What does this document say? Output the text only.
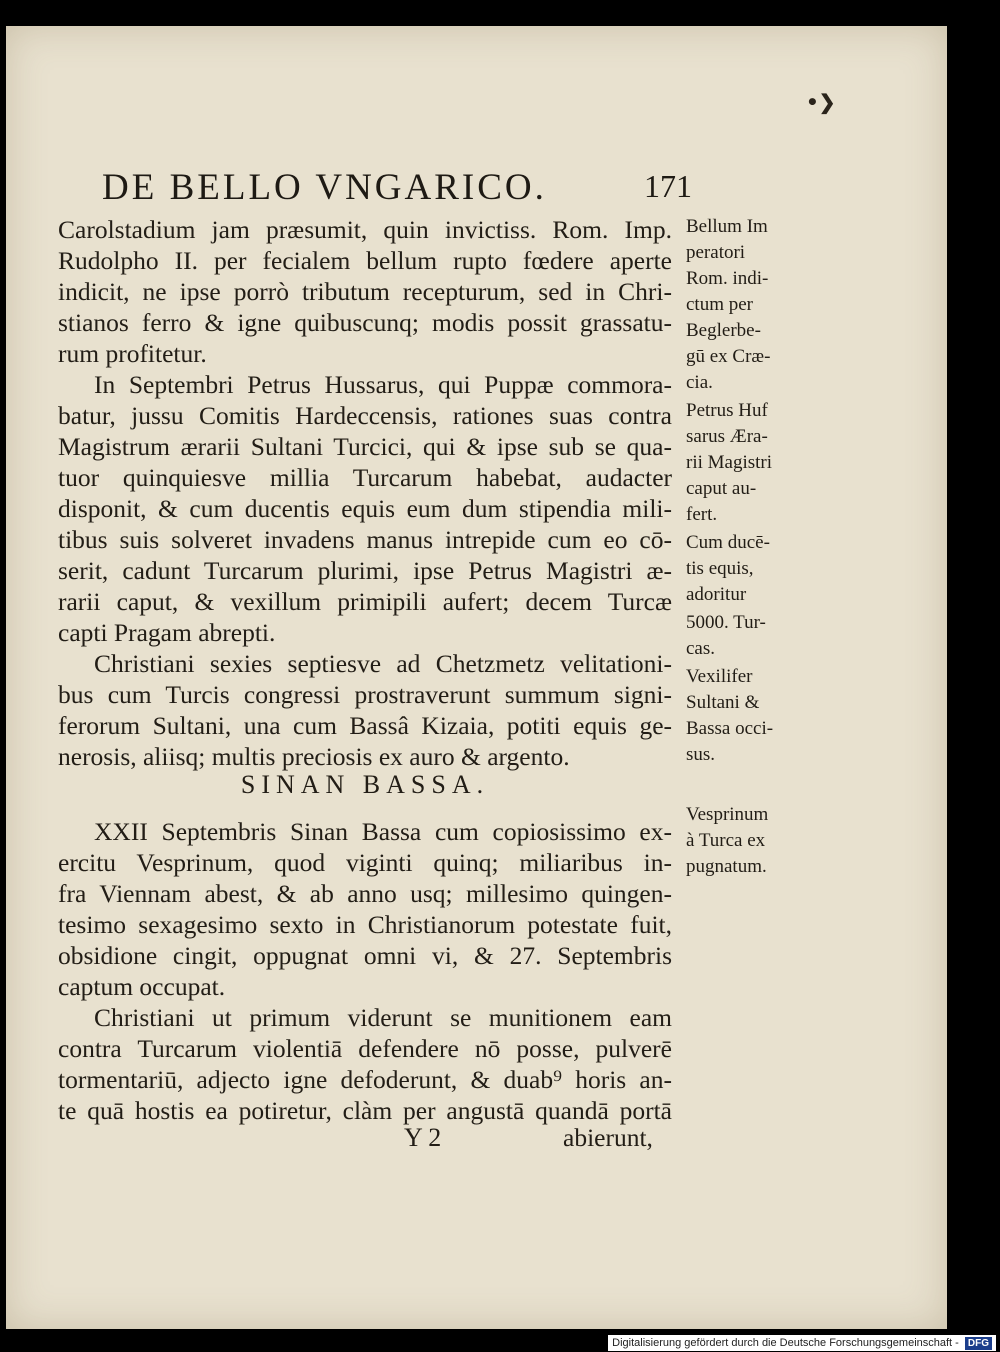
•❯
DE BELLO VNGARICO.	171
Carolstadium jam præsumit, quin invictiss. Rom. Imp.
Rudolpho II. per fecialem bellum rupto fœdere aperte
indicit, ne ipse porrò tributum recepturum, sed in Chri-
stianos ferro & igne quibuscunq; modis possit grassatu-
rum profitetur.
In Septembri Petrus Hussarus, qui Puppæ commora-
batur, jussu Comitis Hardeccensis, rationes suas contra
Magistrum ærarii Sultani Turcici, qui & ipse sub se qua-
tuor quinquiesve millia Turcarum habebat, audacter
disponit, & cum ducentis equis eum dum stipendia mili-
tibus suis solveret invadens manus intrepide cum eo cō-
serit, cadunt Turcarum plurimi, ipse Petrus Magistri æ-
rarii caput, & vexillum primipili aufert; decem Turcæ
capti Pragam abrepti.
Christiani sexies septiesve ad Chetzmetz velitationi-
bus cum Turcis congressi prostraverunt summum signi-
ferorum Sultani, una cum Bassâ Kizaia, potiti equis ge-
nerosis, aliisq; multis preciosis ex auro & argento.
SINAN BASSA.
XXII Septembris Sinan Bassa cum copiosissimo ex-
ercitu Vesprinum, quod viginti quinq; miliaribus in-
fra Viennam abest, & ab anno usq; millesimo quingen-
tesimo sexagesimo sexto in Christianorum potestate fuit,
obsidione cingit, oppugnat omni vi, & 27. Septembris
captum occupat.
Christiani ut primum viderunt se munitionem eam
contra Turcarum violentiā defendere nō posse, pulverē
tormentariū, adjecto igne defoderunt, & duab⁹ horis an-
te quā hostis ea potiretur, clàm per angustā quandā portā
Y 2	abierunt,
Bellum Im
peratori
Rom. indi-
ctum per
Beglerbe-
gū ex Cræ-
cia.
Petrus Huf
sarus Æra-
rii Magistri
caput au-
fert.
Cum ducē-
tis equis,
adoritur
5000. Tur-
cas.
Vexilifer
Sultani &
Bassa occi-
sus.
Vesprinum
à Turca ex
pugnatum.
Digitalisierung gefördert durch die Deutsche Forschungsgemeinschaft - DFG
